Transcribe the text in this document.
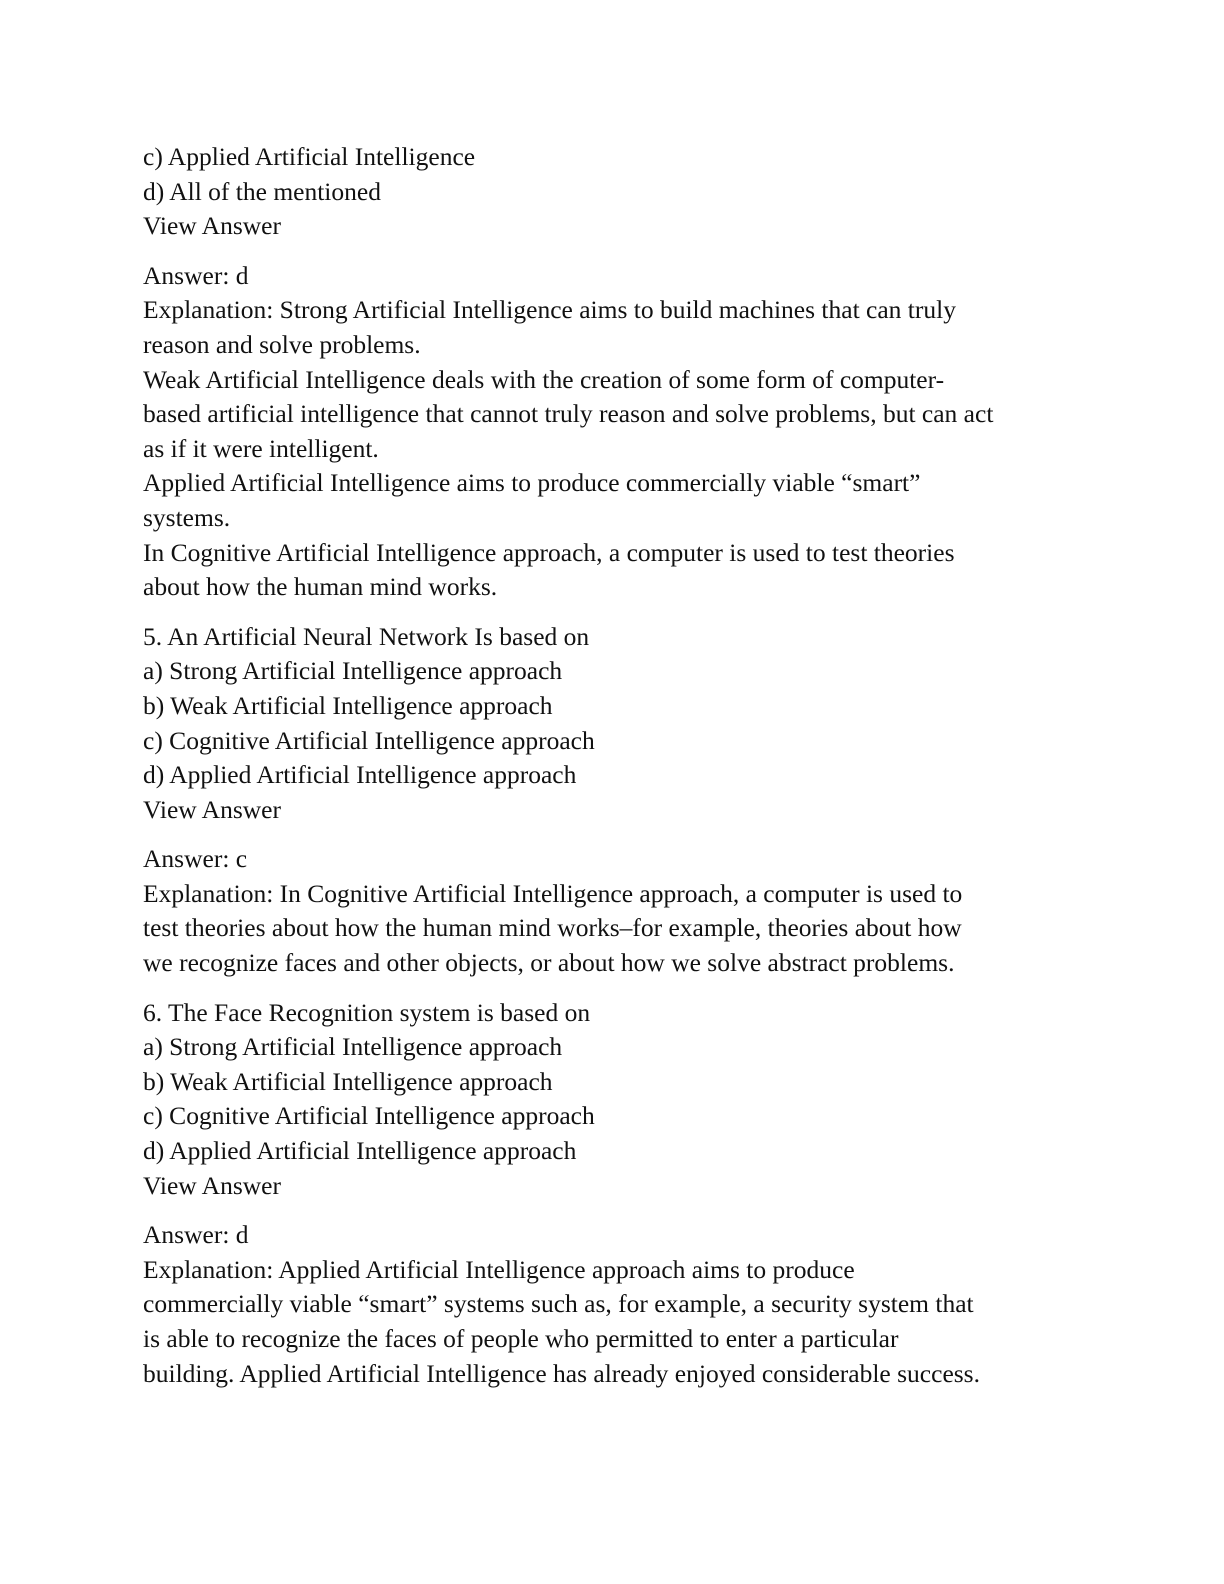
c) Applied Artificial Intelligence
d) All of the mentioned
View Answer
Answer: d
Explanation: Strong Artificial Intelligence aims to build machines that can truly
reason and solve problems.
Weak Artificial Intelligence deals with the creation of some form of computer-
based artificial intelligence that cannot truly reason and solve problems, but can act
as if it were intelligent.
Applied Artificial Intelligence aims to produce commercially viable “smart”
systems.
In Cognitive Artificial Intelligence approach, a computer is used to test theories
about how the human mind works.
5. An Artificial Neural Network Is based on
a) Strong Artificial Intelligence approach
b) Weak Artificial Intelligence approach
c) Cognitive Artificial Intelligence approach
d) Applied Artificial Intelligence approach
View Answer
Answer: c
Explanation: In Cognitive Artificial Intelligence approach, a computer is used to
test theories about how the human mind works–for example, theories about how
we recognize faces and other objects, or about how we solve abstract problems.
6. The Face Recognition system is based on
a) Strong Artificial Intelligence approach
b) Weak Artificial Intelligence approach
c) Cognitive Artificial Intelligence approach
d) Applied Artificial Intelligence approach
View Answer
Answer: d
Explanation: Applied Artificial Intelligence approach aims to produce
commercially viable “smart” systems such as, for example, a security system that
is able to recognize the faces of people who permitted to enter a particular
building. Applied Artificial Intelligence has already enjoyed considerable success.
